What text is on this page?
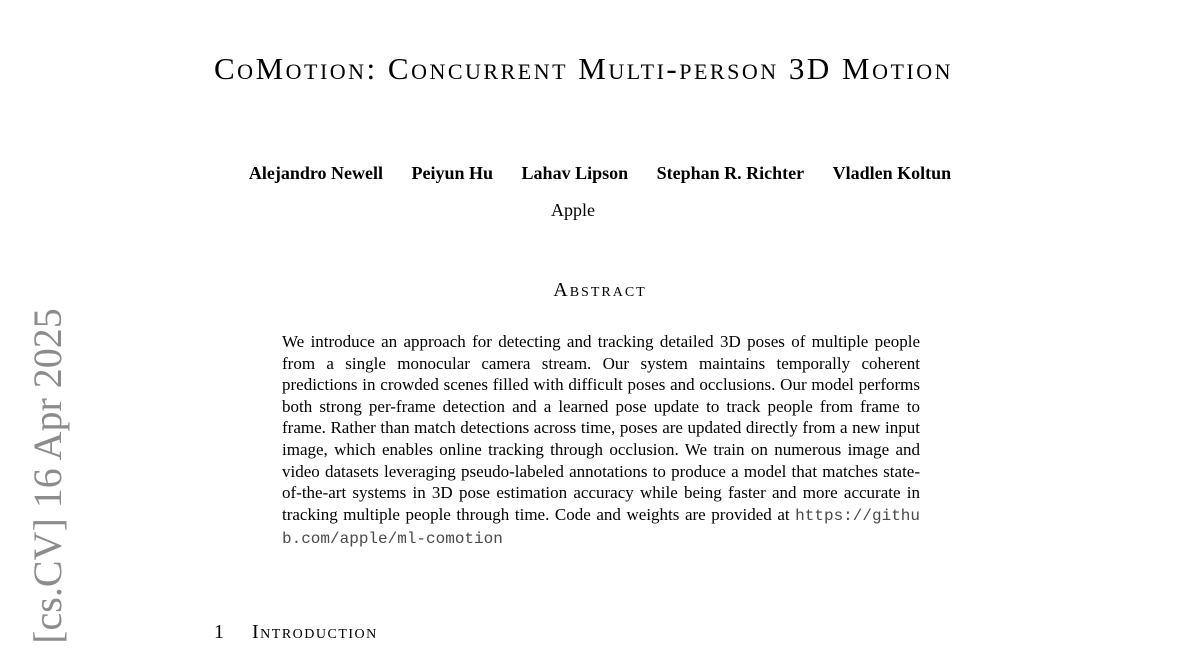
[cs.CV] 16 Apr 2025
CoMotion: Concurrent Multi-person 3D Motion
Alejandro Newell Peiyun Hu Lahav Lipson Stephan R. Richter Vladlen Koltun
Apple
Abstract
We introduce an approach for detecting and tracking detailed 3D poses of multiple people from a single monocular camera stream. Our system maintains temporally coherent predictions in crowded scenes filled with difficult poses and occlusions. Our model performs both strong per-frame detection and a learned pose update to track people from frame to frame. Rather than match detections across time, poses are updated directly from a new input image, which enables online tracking through occlusion. We train on numerous image and video datasets leveraging pseudo-labeled annotations to produce a model that matches state-of-the-art systems in 3D pose estimation accuracy while being faster and more accurate in tracking multiple people through time. Code and weights are provided at https://github.com/apple/ml-comotion
1 Introduction
